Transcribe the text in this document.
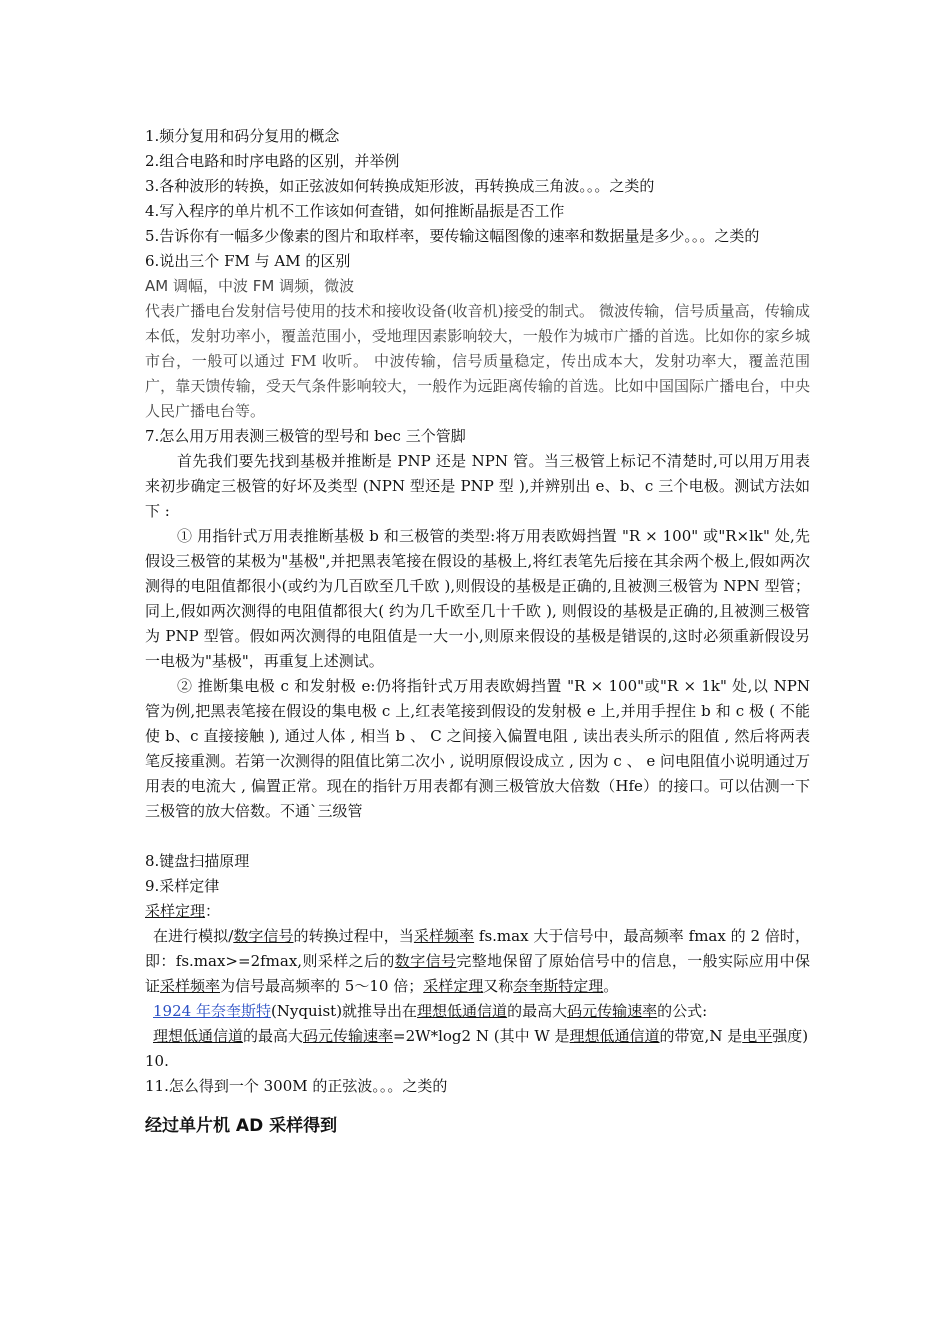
1.频分复用和码分复用的概念
2.组合电路和时序电路的区别，并举例
3.各种波形的转换，如正弦波如何转换成矩形波，再转换成三角波。。。之类的
4.写入程序的单片机不工作该如何查错，如何推断晶振是否工作
5.告诉你有一幅多少像素的图片和取样率，要传输这幅图像的速率和数据量是多少。。。之类的
6.说出三个 FM 与 AM 的区别
AM 调幅，中波 FM 调频，微波
代表广播电台发射信号使用的技术和接收设备(收音机)接受的制式。 微波传输，信号质量高，传输成本低，发射功率小，覆盖范围小，受地理因素影响较大，一般作为城市广播的首选。比如你的家乡城市台，一般可以通过 FM 收听。 中波传输，信号质量稳定，传出成本大，发射功率大，覆盖范围广，靠天馈传输，受天气条件影响较大，一般作为远距离传输的首选。比如中国国际广播电台，中央人民广播电台等。
7.怎么用万用表测三极管的型号和 bec 三个管脚
首先我们要先找到基极并推断是 PNP 还是 NPN 管。当三极管上标记不清楚时,可以用万用表来初步确定三极管的好坏及类型 (NPN 型还是 PNP 型 ),并辨别出 e、b、c 三个电极。测试方法如下 :
① 用指针式万用表推断基极 b 和三极管的类型:将万用表欧姆挡置 "R × 100" 或"R×lk" 处,先假设三极管的某极为"基极",并把黑表笔接在假设的基极上,将红表笔先后接在其余两个极上,假如两次测得的电阻值都很小(或约为几百欧至几千欧 ),则假设的基极是正确的,且被测三极管为 NPN 型管；同上,假如两次测得的电阻值都很大( 约为几千欧至几十千欧 ), 则假设的基极是正确的,且被测三极管为 PNP 型管。假如两次测得的电阻值是一大一小,则原来假设的基极是错误的,这时必须重新假设另一电极为"基极"，再重复上述测试。
② 推断集电极 c 和发射极 e:仍将指针式万用表欧姆挡置 "R × 100"或"R × 1k" 处,以 NPN 管为例,把黑表笔接在假设的集电极 c 上,红表笔接到假设的发射极 e 上,并用手捏住 b 和 c 极 ( 不能使 b、c 直接接触 ), 通过人体 , 相当 b 、 C 之间接入偏置电阻 , 读出表头所示的阻值 , 然后将两表笔反接重测。若第一次测得的阻值比第二次小 , 说明原假设成立 , 因为 c 、 e 问电阻值小说明通过万用表的电流大 , 偏置正常。现在的指针万用表都有测三极管放大倍数（Hfe）的接口。可以估测一下三极管的放大倍数。不通`三级管
8.键盘扫描原理
9.采样定律
采样定理：
在进行模拟/数字信号的转换过程中，当采样频率 fs.max 大于信号中，最高频率 fmax 的 2 倍时，即：fs.max>=2fmax,则采样之后的数字信号完整地保留了原始信号中的信息，一般实际应用中保证采样频率为信号最高频率的 5～10 倍；采样定理又称奈奎斯特定理。
1924 年奈奎斯特(Nyquist)就推导出在理想低通信道的最高大码元传输速率的公式:
理想低通信道的最高大码元传输速率=2W*log2 N (其中 W 是理想低通信道的带宽,N 是电平强度)
10.
11.怎么得到一个 300M 的正弦波。。。之类的
经过单片机 AD 采样得到
